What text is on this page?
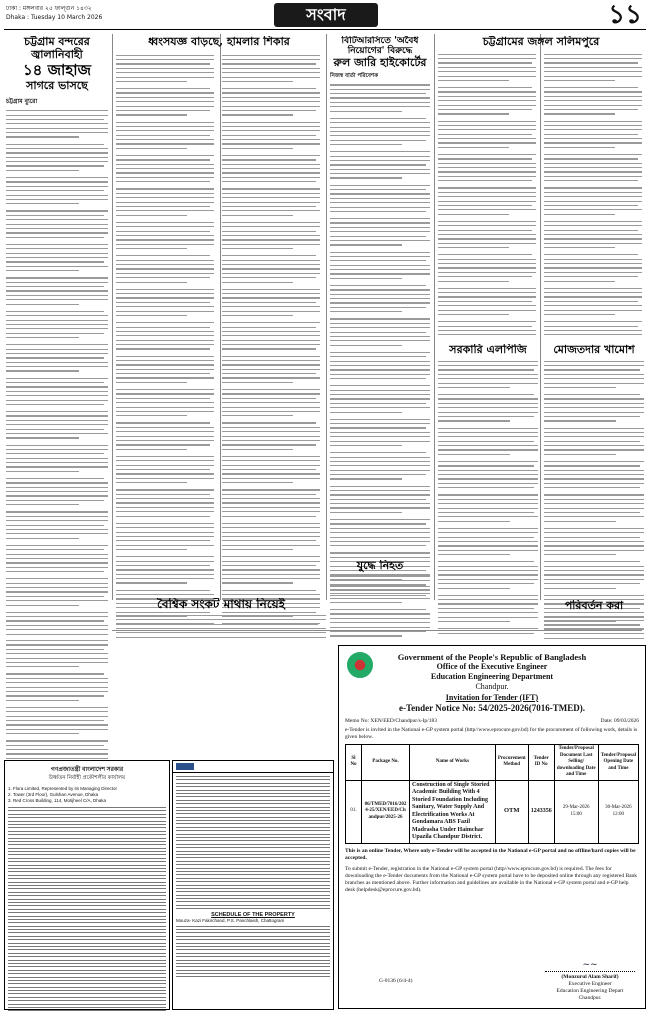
ঢাকা : মঙ্গলবার ২৫ ফাল্গুন ১৪৩২
Dhaka : Tuesday 10 March 2026	সংবাদ	১১
চট্টগ্রাম বন্দরের জ্বালানিবাহী
১৪ জাহাজ
সাগরে ভাসছে
চট্টগ্রাম ব্যুরো
ধ্বংসযজ্ঞ বাড়ছে, হামলার শিকার	বিটিআরসিতে 'অবৈধ নিয়োগের' বিরুদ্ধে
রুল জারি হাইকোর্টের
নিজস্ব বার্তা পরিবেশক
চট্টগ্রামের জঙ্গল সলিমপুরে
সরকারি এলপিজি	মোজতদার খামোশ
যুদ্ধে নিহত
বৈশ্বিক সংকট মাথায় নিয়েই	পরিবর্তন করা
গণপ্রজাতন্ত্রী বাংলাদেশ সরকার
উর্ধ্বতন নির্বাহী প্রকৌশলীর কার্যালয়
1. Flora Limited, Represented by its Managing Director
2. Tower (3rd Floor), Gulshan Avenue, Dhaka
3. Red Cross Building, 114, Motijheel C/A, Dhaka
SCHEDULE OF THE PROPERTY
Mouza- Kazi Fakirchand, P.S. Panchlaish, Chattogram
Government of the People's Republic of Bangladesh
Office of the Executive Engineer
Education Engineering Department
Chandpur.
Invitation for Tender (IFT)
e-Tender Notice No: 54/2025-2026(7016-TMED).
Memo No: XEN/EED/Chandpur/s-Ip/183	Date: 09/03/2026
e-Tender is invited in the National e-GP system portal (http//www.eprocure.gov.bd) for the procurement of following work, details is given below.
Sl No	Package No.	Name of Works	Procurement Method	Tender ID No	Tender/Proposal Document Last Selling/ downloading Date and Time	Tender/Proposal Opening Date and Time
01.	06/TMED/7016/2024-25/XEN/EED/Chandpur/2025-26	Construction of Single Storied Academic Building With 4 Storied Foundation Including Sanitary, Water Supply And Electrification Works At Gondamara ABS Fazil Madrasha Under Haimchar Upazila Chandpur District.	OTM	1243356	29-Mar-2026 15:00	30-Mar-2026 12:00
This is an online Tender, Where only e-Tender will be accepted in the National e-GP portal and no offline/hard copies will be accepted.
To submit e-Tender, registration in the National e-GP system portal (http//www.eprocure.gov.bd) is required. The fees for downloading the e-Tender documents from the National e-GP system portal have to be deposited online through any registered Bank branches as mentioned above. Further information and guidelines are available in the National e-GP system portal and e-GP help desk (helpdesk@eprocure.gov.bd).
G-0136 (6/4-4)
~~
(Monzurul Alam Sharif)
Executive Engineer
Education Engineering Depart
Chandpur.
